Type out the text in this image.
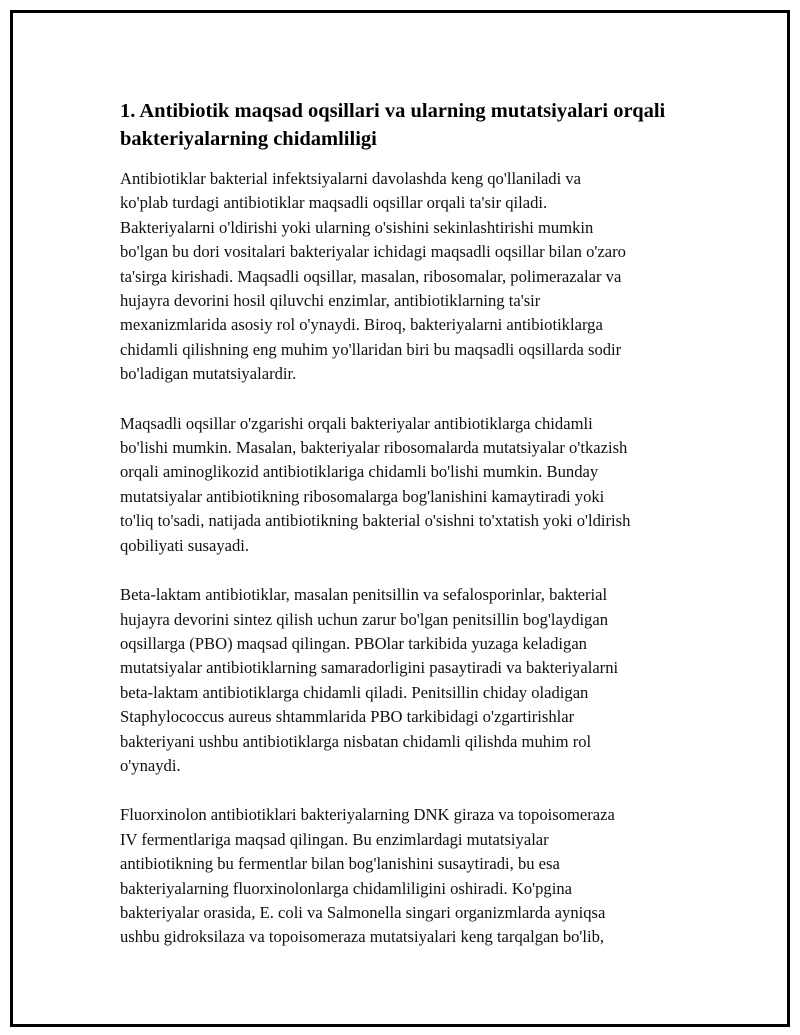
1. Antibiotik maqsad oqsillari va ularning mutatsiyalari orqali
bakteriyalarning chidamliligi

Antibiotiklar bakterial infektsiyalarni davolashda keng qo'llaniladi va
ko'plab turdagi antibiotiklar maqsadli oqsillar orqali ta'sir qiladi.
Bakteriyalarni o'ldirishi yoki ularning o'sishini sekinlashtirishi mumkin
bo'lgan bu dori vositalari bakteriyalar ichidagi maqsadli oqsillar bilan o'zaro
ta'sirga kirishadi. Maqsadli oqsillar, masalan, ribosomalar, polimerazalar va
hujayra devorini hosil qiluvchi enzimlar, antibiotiklarning ta'sir
mexanizmlarida asosiy rol o'ynaydi. Biroq, bakteriyalarni antibiotiklarga
chidamli qilishning eng muhim yo'llaridan biri bu maqsadli oqsillarda sodir
bo'ladigan mutatsiyalardir.

Maqsadli oqsillar o'zgarishi orqali bakteriyalar antibiotiklarga chidamli
bo'lishi mumkin. Masalan, bakteriyalar ribosomalarda mutatsiyalar o'tkazish
orqali aminoglikozid antibiotiklariga chidamli bo'lishi mumkin. Bunday
mutatsiyalar antibiotikning ribosomalarga bog'lanishini kamaytiradi yoki
to'liq to'sadi, natijada antibiotikning bakterial o'sishni to'xtatish yoki o'ldirish
qobiliyati susayadi.

Beta-laktam antibiotiklar, masalan penitsillin va sefalosporinlar, bakterial
hujayra devorini sintez qilish uchun zarur bo'lgan penitsillin bog'laydigan
oqsillarga (PBO) maqsad qilingan. PBOlar tarkibida yuzaga keladigan
mutatsiyalar antibiotiklarning samaradorligini pasaytiradi va bakteriyalarni
beta-laktam antibiotiklarga chidamli qiladi. Penitsillin chiday oladigan
Staphylococcus aureus shtammlarida PBO tarkibidagi o'zgartirishlar
bakteriyani ushbu antibiotiklarga nisbatan chidamli qilishda muhim rol
o'ynaydi.

Fluorxinolon antibiotiklari bakteriyalarning DNK giraza va topoisomeraza
IV fermentlariga maqsad qilingan. Bu enzimlardagi mutatsiyalar
antibiotikning bu fermentlar bilan bog'lanishini susaytiradi, bu esa
bakteriyalarning fluorxinolonlarga chidamliligini oshiradi. Ko'pgina
bakteriyalar orasida, E. coli va Salmonella singari organizmlarda ayniqsa
ushbu gidroksilaza va topoisomeraza mutatsiyalari keng tarqalgan bo'lib,
